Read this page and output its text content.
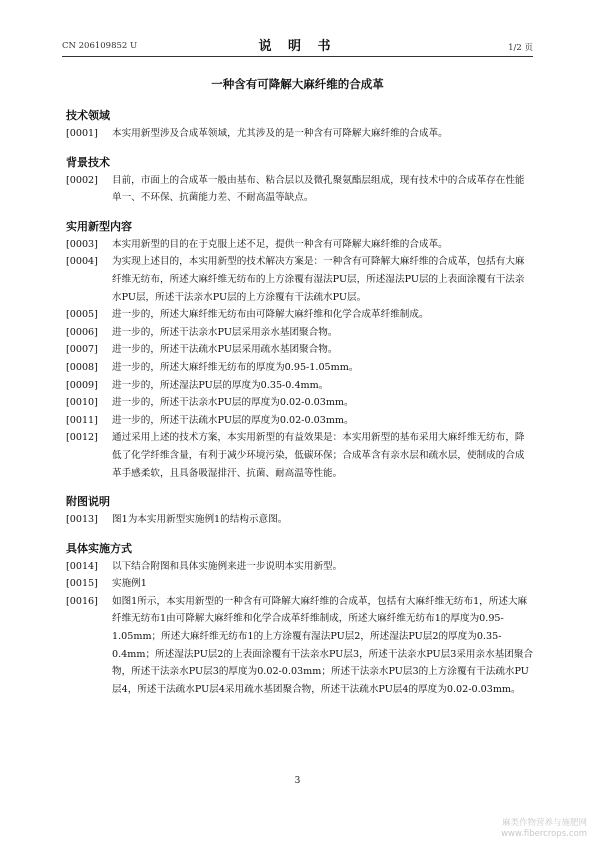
CN 206109852 U	说 明 书	1/2 页
一种含有可降解大麻纤维的合成革
技术领域
[0001] 本实用新型涉及合成革领域，尤其涉及的是一种含有可降解大麻纤维的合成革。
背景技术
[0002] 目前，市面上的合成革一般由基布、粘合层以及微孔聚氨酯层组成，现有技术中的合成革存在性能单一、不环保、抗菌能力差、不耐高温等缺点。
实用新型内容
[0003] 本实用新型的目的在于克服上述不足，提供一种含有可降解大麻纤维的合成革。
[0004] 为实现上述目的，本实用新型的技术解决方案是：一种含有可降解大麻纤维的合成革，包括有大麻纤维无纺布，所述大麻纤维无纺布的上方涂覆有湿法PU层，所述湿法PU层的上表面涂覆有干法亲水PU层，所述干法亲水PU层的上方涂覆有干法疏水PU层。
[0005] 进一步的，所述大麻纤维无纺布由可降解大麻纤维和化学合成革纤维制成。
[0006] 进一步的，所述干法亲水PU层采用亲水基团聚合物。
[0007] 进一步的，所述干法疏水PU层采用疏水基团聚合物。
[0008] 进一步的，所述大麻纤维无纺布的厚度为0.95-1.05mm。
[0009] 进一步的，所述湿法PU层的厚度为0.35-0.4mm。
[0010] 进一步的，所述干法亲水PU层的厚度为0.02-0.03mm。
[0011] 进一步的，所述干法疏水PU层的厚度为0.02-0.03mm。
[0012] 通过采用上述的技术方案，本实用新型的有益效果是：本实用新型的基布采用大麻纤维无纺布，降低了化学纤维含量，有利于减少环境污染，低碳环保；合成革含有亲水层和疏水层，使制成的合成革手感柔软，且具备吸湿排汗、抗菌、耐高温等性能。
附图说明
[0013] 图1为本实用新型实施例1的结构示意图。
具体实施方式
[0014] 以下结合附图和具体实施例来进一步说明本实用新型。
[0015] 实施例1
[0016] 如图1所示，本实用新型的一种含有可降解大麻纤维的合成革，包括有大麻纤维无纺布1，所述大麻纤维无纺布1由可降解大麻纤维和化学合成革纤维制成，所述大麻纤维无纺布1的厚度为0.95-1.05mm；所述大麻纤维无纺布1的上方涂覆有湿法PU层2，所述湿法PU层2的厚度为0.35-0.4mm；所述湿法PU层2的上表面涂覆有干法亲水PU层3，所述干法亲水PU层3采用亲水基团聚合物，所述干法亲水PU层3的厚度为0.02-0.03mm；所述干法亲水PU层3的上方涂覆有干法疏水PU层4，所述干法疏水PU层4采用疏水基团聚合物，所述干法疏水PU层4的厚度为0.02-0.03mm。
3
麻类作物营养与施肥网
www.fibercrops.com
